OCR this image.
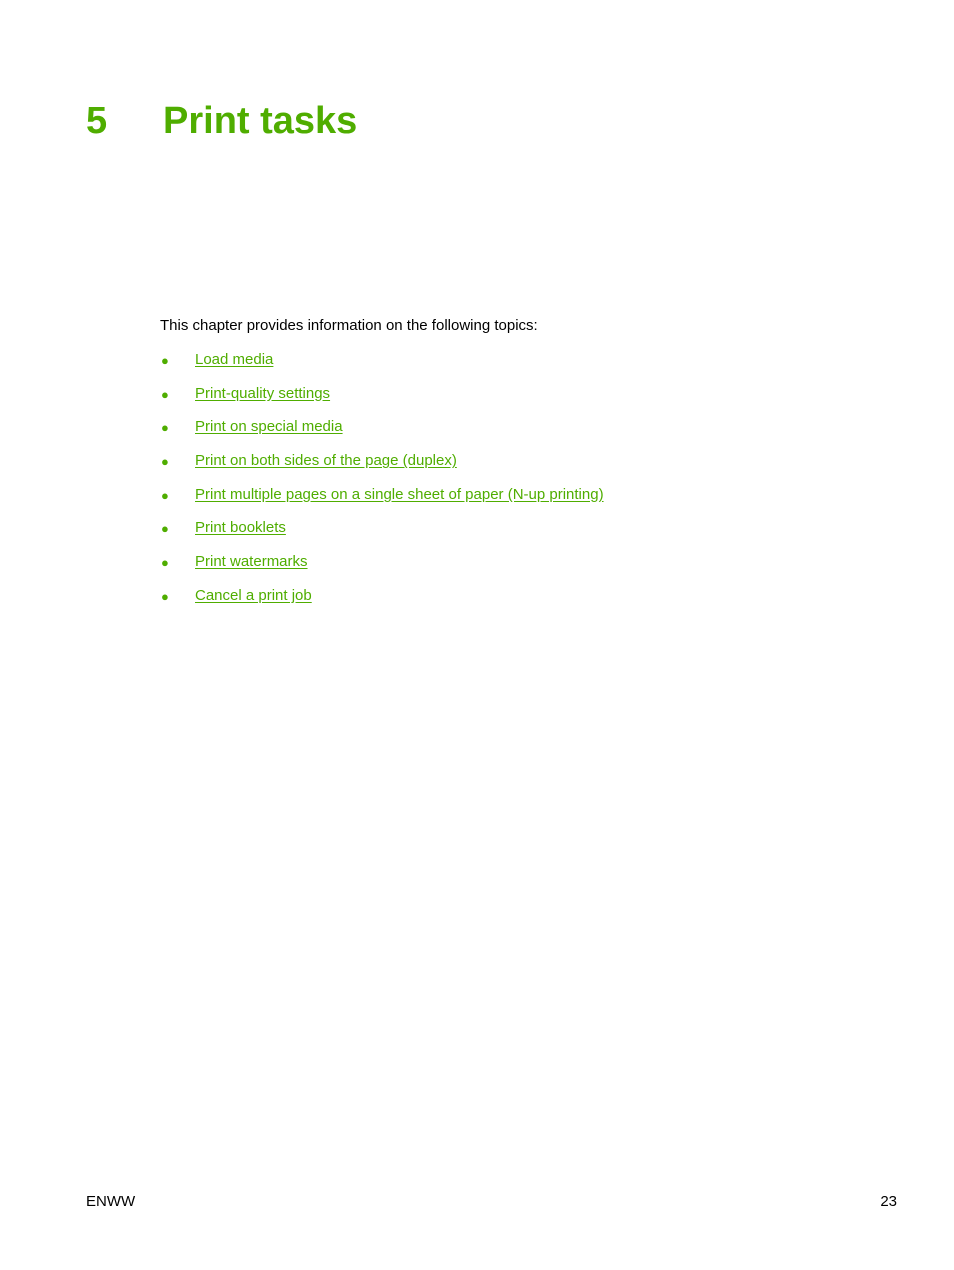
5 Print tasks
This chapter provides information on the following topics:
● Load media
● Print-quality settings
● Print on special media
● Print on both sides of the page (duplex)
● Print multiple pages on a single sheet of paper (N-up printing)
● Print booklets
● Print watermarks
● Cancel a print job
ENWW	23
